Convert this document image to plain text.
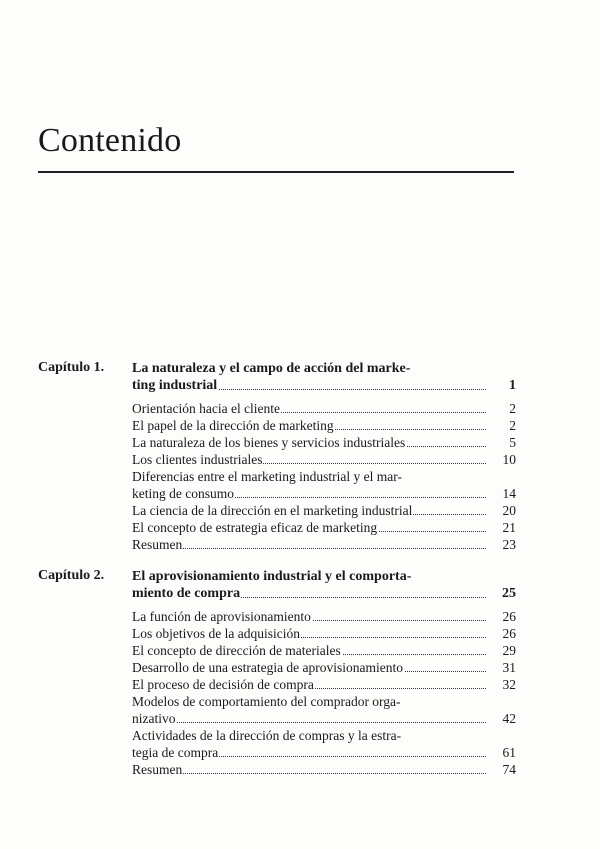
Contenido
Capítulo 1. La naturaleza y el campo de acción del marke-
ting industrial	1
Orientación hacia el cliente	2
El papel de la dirección de marketing	2
La naturaleza de los bienes y servicios industriales	5
Los clientes industriales	10
Diferencias entre el marketing industrial y el mar-
keting de consumo	14
La ciencia de la dirección en el marketing industrial	20
El concepto de estrategia eficaz de marketing	21
Resumen	23
Capítulo 2. El aprovisionamiento industrial y el comporta-
miento de compra	25
La función de aprovisionamiento	26
Los objetivos de la adquisición	26
El concepto de dirección de materiales	29
Desarrollo de una estrategia de aprovisionamiento	31
El proceso de decisión de compra	32
Modelos de comportamiento del comprador orga-
nizativo	42
Actividades de la dirección de compras y la estra-
tegia de compra	61
Resumen	74
